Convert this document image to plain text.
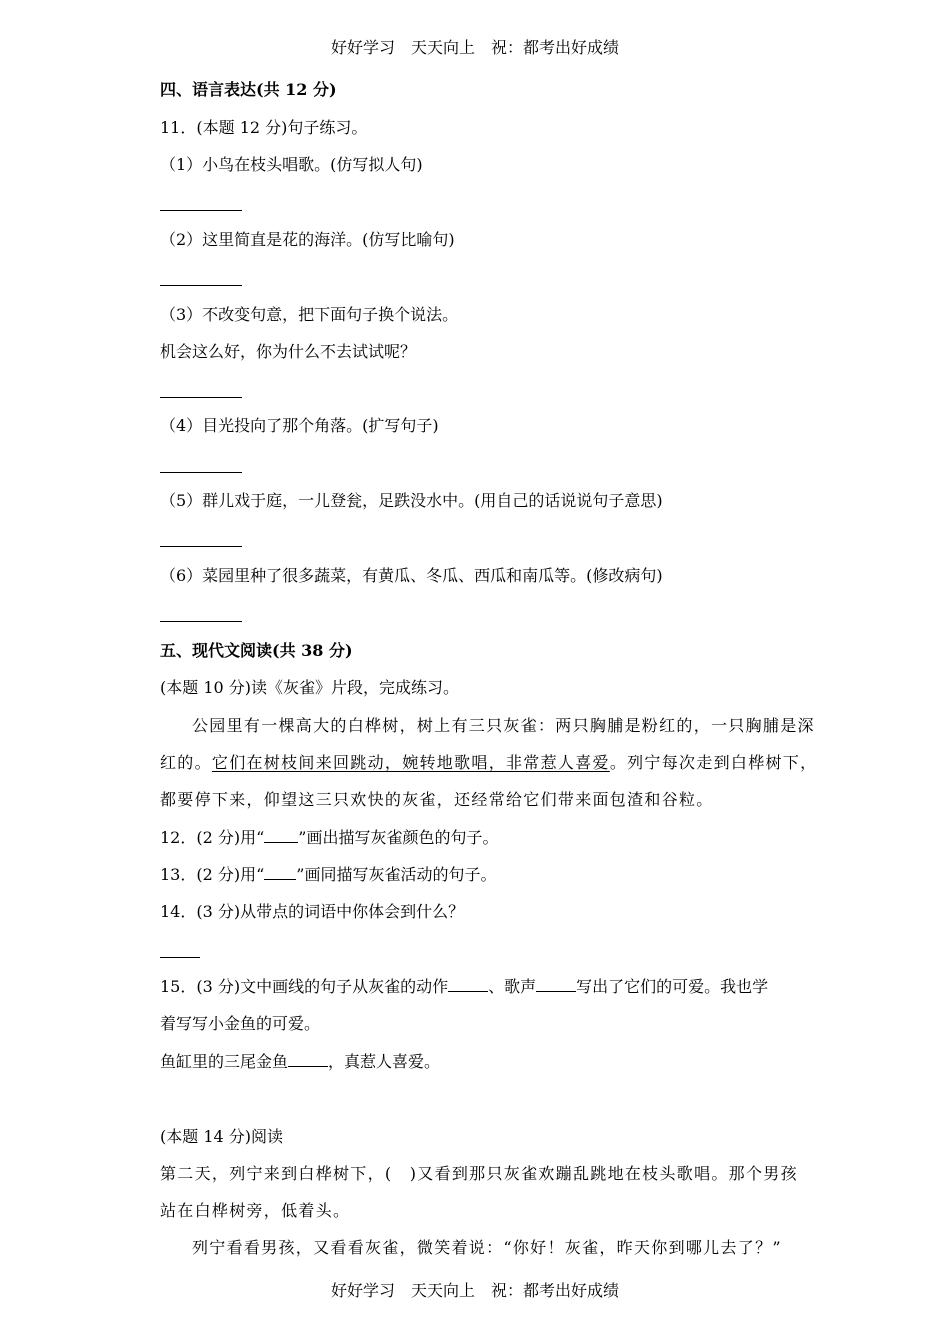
好好学习　天天向上　祝：都考出好成绩
四、语言表达(共 12 分)
11．(本题 12 分)句子练习。
（1）小鸟在枝头唱歌。(仿写拟人句)
（2）这里简直是花的海洋。(仿写比喻句)
（3）不改变句意，把下面句子换个说法。
机会这么好，你为什么不去试试呢？
（4）目光投向了那个角落。(扩写句子)
（5）群儿戏于庭，一儿登瓮，足跌没水中。(用自己的话说说句子意思)
（6）菜园里种了很多蔬菜，有黄瓜、冬瓜、西瓜和南瓜等。(修改病句)
五、现代文阅读(共 38 分)
(本题 10 分)读《灰雀》片段，完成练习。
公园里有一棵高大的白桦树，树上有三只灰雀：两只胸脯是粉红的，一只胸脯是深
红的。它们在树枝间来回跳动，婉转地歌唱，非常惹人喜爱。列宁每次走到白桦树下，
都要停下来，仰望这三只欢快的灰雀，还经常给它们带来面包渣和谷粒。
12．(2 分)用“ ”画出描写灰雀颜色的句子。
13．(2 分)用“ ”画同描写灰雀活动的句子。
14．(3 分)从带点的词语中你体会到什么？
15．(3 分)文中画线的句子从灰雀的动作	、歌声	写出了它们的可爱。我也学
着写写小金鱼的可爱。
鱼缸里的三尾金鱼	，真惹人喜爱。
(本题 14 分)阅读
第二天，列宁来到白桦树下，(　)又看到那只灰雀欢蹦乱跳地在枝头歌唱。那个男孩
站在白桦树旁，低着头。
列宁看看男孩，又看看灰雀，微笑着说：“你好！灰雀，昨天你到哪儿去了？”
好好学习　天天向上　祝：都考出好成绩
